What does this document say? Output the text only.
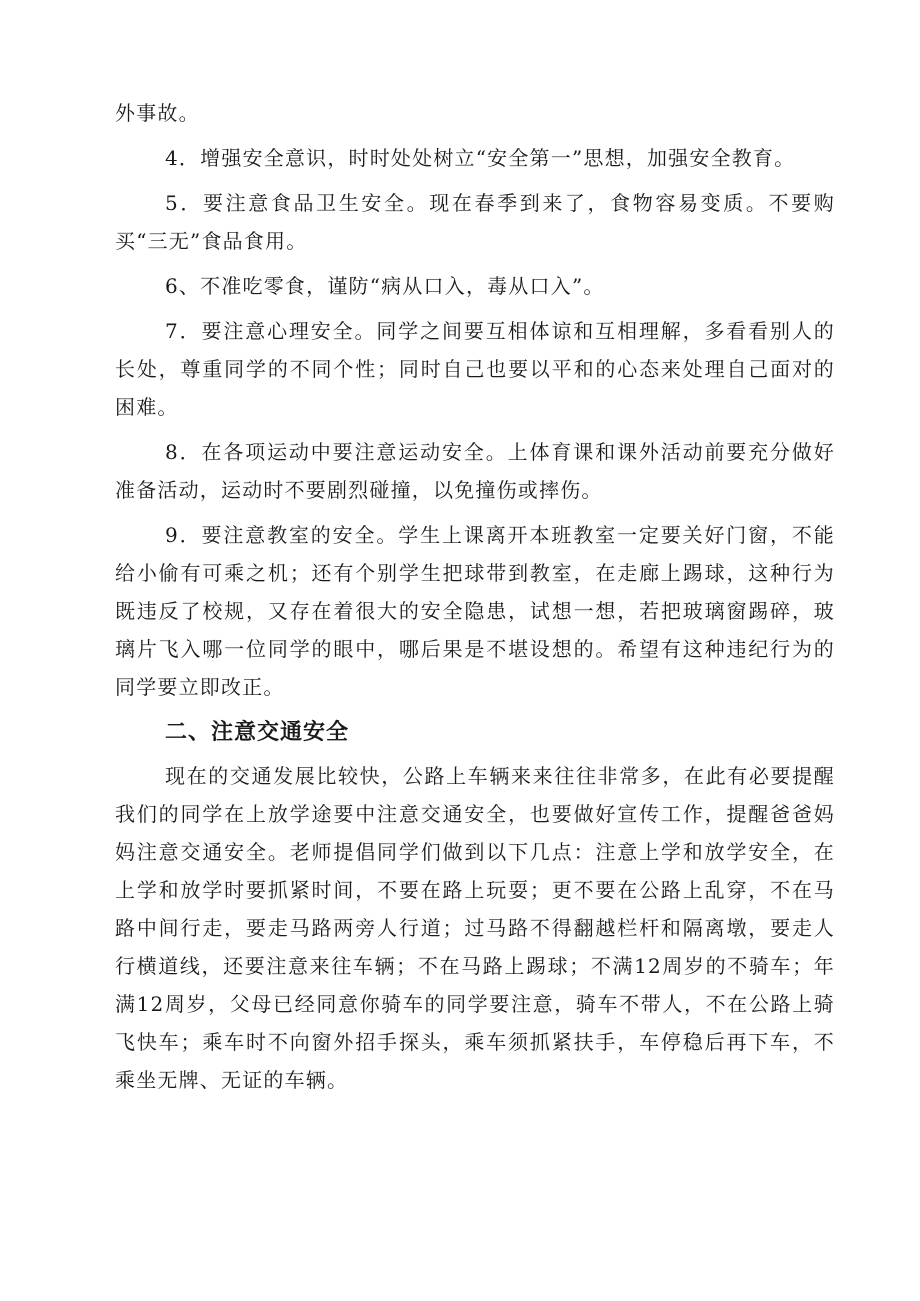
外事故。

4．增强安全意识，时时处处树立“安全第一”思想，加强安全教育。

5．要注意食品卫生安全。现在春季到来了，食物容易变质。不要购买“三无”食品食用。

6、不准吃零食，谨防“病从口入，毒从口入”。

7．要注意心理安全。同学之间要互相体谅和互相理解，多看看别人的长处，尊重同学的不同个性；同时自己也要以平和的心态来处理自己面对的困难。

8．在各项运动中要注意运动安全。上体育课和课外活动前要充分做好准备活动，运动时不要剧烈碰撞，以免撞伤或摔伤。

9．要注意教室的安全。学生上课离开本班教室一定要关好门窗，不能给小偷有可乘之机；还有个别学生把球带到教室，在走廊上踢球，这种行为既违反了校规，又存在着很大的安全隐患，试想一想，若把玻璃窗踢碎，玻璃片飞入哪一位同学的眼中，哪后果是不堪设想的。希望有这种违纪行为的同学要立即改正。

二、注意交通安全

现在的交通发展比较快，公路上车辆来来往往非常多，在此有必要提醒我们的同学在上放学途要中注意交通安全，也要做好宣传工作，提醒爸爸妈妈注意交通安全。老师提倡同学们做到以下几点：注意上学和放学安全，在上学和放学时要抓紧时间，不要在路上玩耍；更不要在公路上乱穿，不在马路中间行走，要走马路两旁人行道；过马路不得翻越栏杆和隔离墩，要走人行横道线，还要注意来往车辆；不在马路上踢球；不满12周岁的不骑车；年满12周岁，父母已经同意你骑车的同学要注意，骑车不带人，不在公路上骑飞快车；乘车时不向窗外招手探头，乘车须抓紧扶手，车停稳后再下车，不乘坐无牌、无证的车辆。
